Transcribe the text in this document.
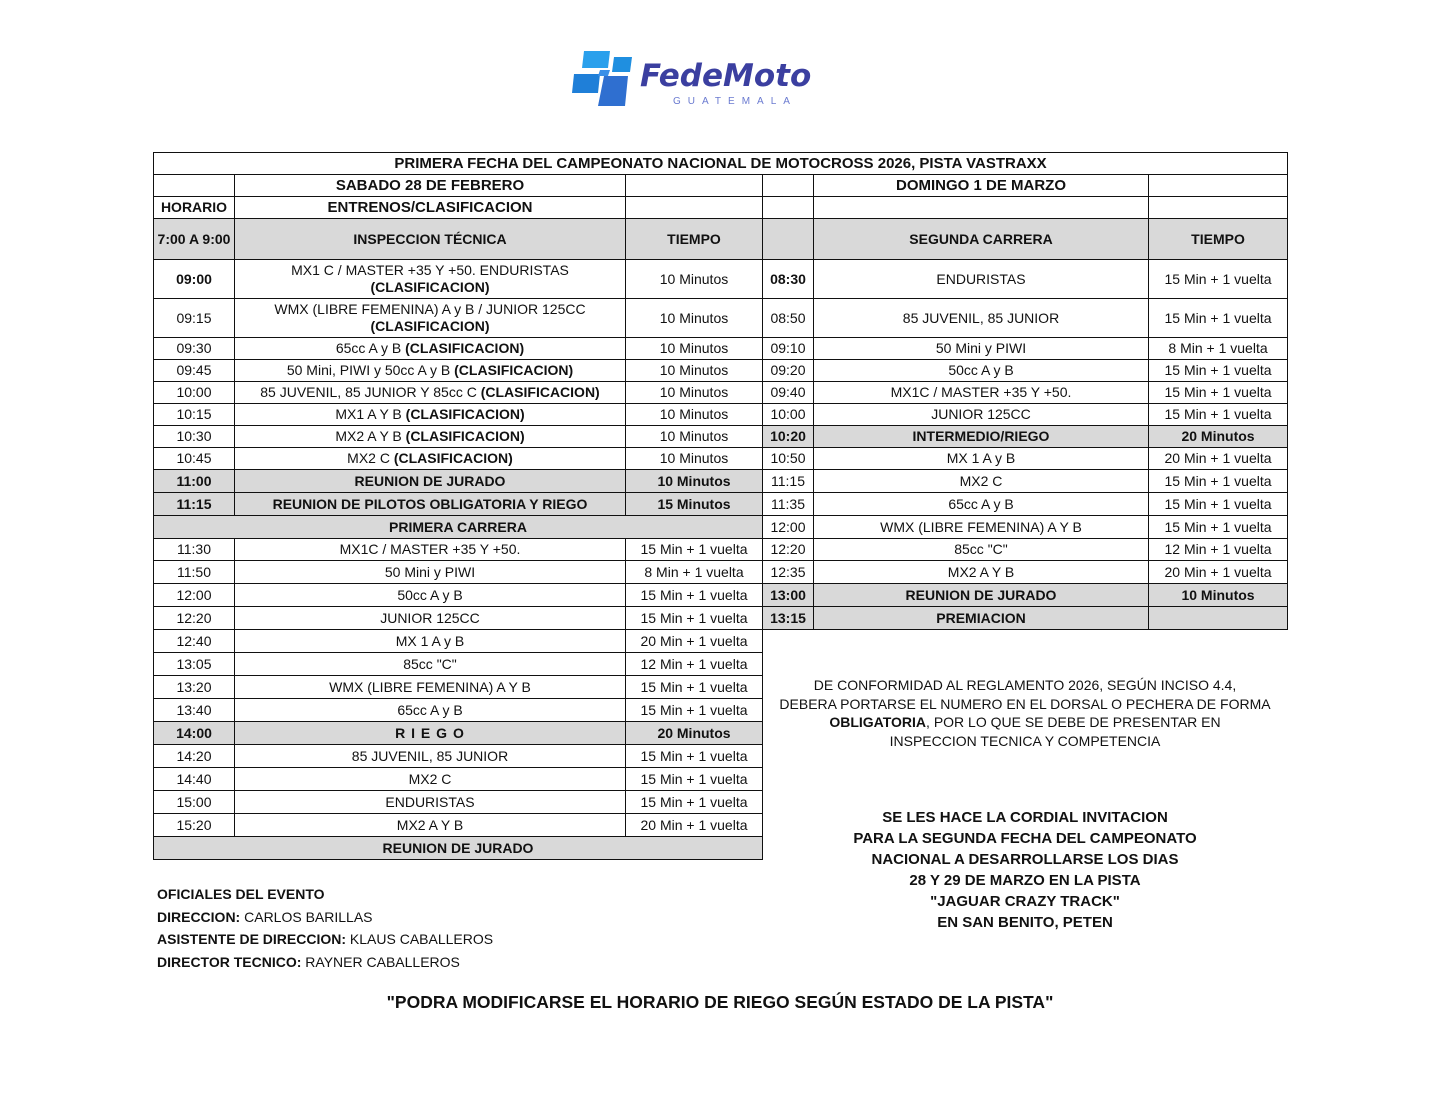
FedeMoto
GUATEMALA
PRIMERA FECHA DEL CAMPEONATO NACIONAL DE MOTOCROSS 2026, PISTA VASTRAXX					
	SABADO 28 DE FEBRERO			DOMINGO 1 DE MARZO	
HORARIO	ENTRENOS/CLASIFICACION				
7:00 A 9:00	INSPECCION TÉCNICA	TIEMPO		SEGUNDA CARRERA	TIEMPO
09:00	MX1 C / MASTER +35 Y +50. ENDURISTAS
(CLASIFICACION)	10 Minutos	08:30	ENDURISTAS	15 Min + 1 vuelta
09:15	WMX (LIBRE FEMENINA) A y B / JUNIOR 125CC
(CLASIFICACION)	10 Minutos	08:50	85 JUVENIL, 85 JUNIOR	15 Min + 1 vuelta
09:30	65cc A y B (CLASIFICACION)	10 Minutos	09:10	50 Mini y PIWI	8 Min + 1 vuelta
09:45	50 Mini, PIWI y 50cc A y B (CLASIFICACION)	10 Minutos	09:20	50cc A y B	15 Min + 1 vuelta
10:00	85 JUVENIL, 85 JUNIOR Y 85cc C (CLASIFICACION)	10 Minutos	09:40	MX1C / MASTER +35 Y +50.	15 Min + 1 vuelta
10:15	MX1 A Y B (CLASIFICACION)	10 Minutos	10:00	JUNIOR 125CC	15 Min + 1 vuelta
10:30	MX2 A Y B (CLASIFICACION)	10 Minutos	10:20	INTERMEDIO/RIEGO	20 Minutos
10:45	MX2 C (CLASIFICACION)	10 Minutos	10:50	MX 1 A y B	20 Min + 1 vuelta
11:00	REUNION DE JURADO	10 Minutos	11:15	MX2 C	15 Min + 1 vuelta
11:15	REUNION DE PILOTOS OBLIGATORIA Y RIEGO	15 Minutos	11:35	65cc A y B	15 Min + 1 vuelta
PRIMERA CARRERA			12:00	WMX (LIBRE FEMENINA) A Y B	15 Min + 1 vuelta
11:30	MX1C / MASTER +35 Y +50.	15 Min + 1 vuelta	12:20	85cc "C"	12 Min + 1 vuelta
11:50	50 Mini y PIWI	8 Min + 1 vuelta	12:35	MX2 A Y B	20 Min + 1 vuelta
12:00	50cc A y B	15 Min + 1 vuelta	13:00	REUNION DE JURADO	10 Minutos
12:20	JUNIOR 125CC	15 Min + 1 vuelta	13:15	PREMIACION	
12:40	MX 1 A y B	20 Min + 1 vuelta			
13:05	85cc "C"	12 Min + 1 vuelta			
13:20	WMX (LIBRE FEMENINA) A Y B	15 Min + 1 vuelta			
13:40	65cc A y B	15 Min + 1 vuelta			
14:00	R I E G O	20 Minutos			
14:20	85 JUVENIL, 85 JUNIOR	15 Min + 1 vuelta			
14:40	MX2 C	15 Min + 1 vuelta			
15:00	ENDURISTAS	15 Min + 1 vuelta			
15:20	MX2 A Y B	20 Min + 1 vuelta			
REUNION DE JURADO					
DE CONFORMIDAD AL REGLAMENTO 2026, SEGÚN INCISO 4.4,
DEBERA PORTARSE EL NUMERO EN EL DORSAL O PECHERA DE FORMA
OBLIGATORIA, POR LO QUE SE DEBE DE PRESENTAR EN
INSPECCION TECNICA Y COMPETENCIA
SE LES HACE LA CORDIAL INVITACION
PARA LA SEGUNDA FECHA DEL CAMPEONATO
NACIONAL A DESARROLLARSE LOS DIAS
28 Y 29 DE MARZO EN LA PISTA
"JAGUAR CRAZY TRACK"
EN SAN BENITO, PETEN
OFICIALES DEL EVENTO
DIRECCION: CARLOS BARILLAS
ASISTENTE DE DIRECCION: KLAUS CABALLEROS
DIRECTOR TECNICO: RAYNER CABALLEROS
"PODRA MODIFICARSE EL HORARIO DE RIEGO SEGÚN ESTADO DE LA PISTA"
